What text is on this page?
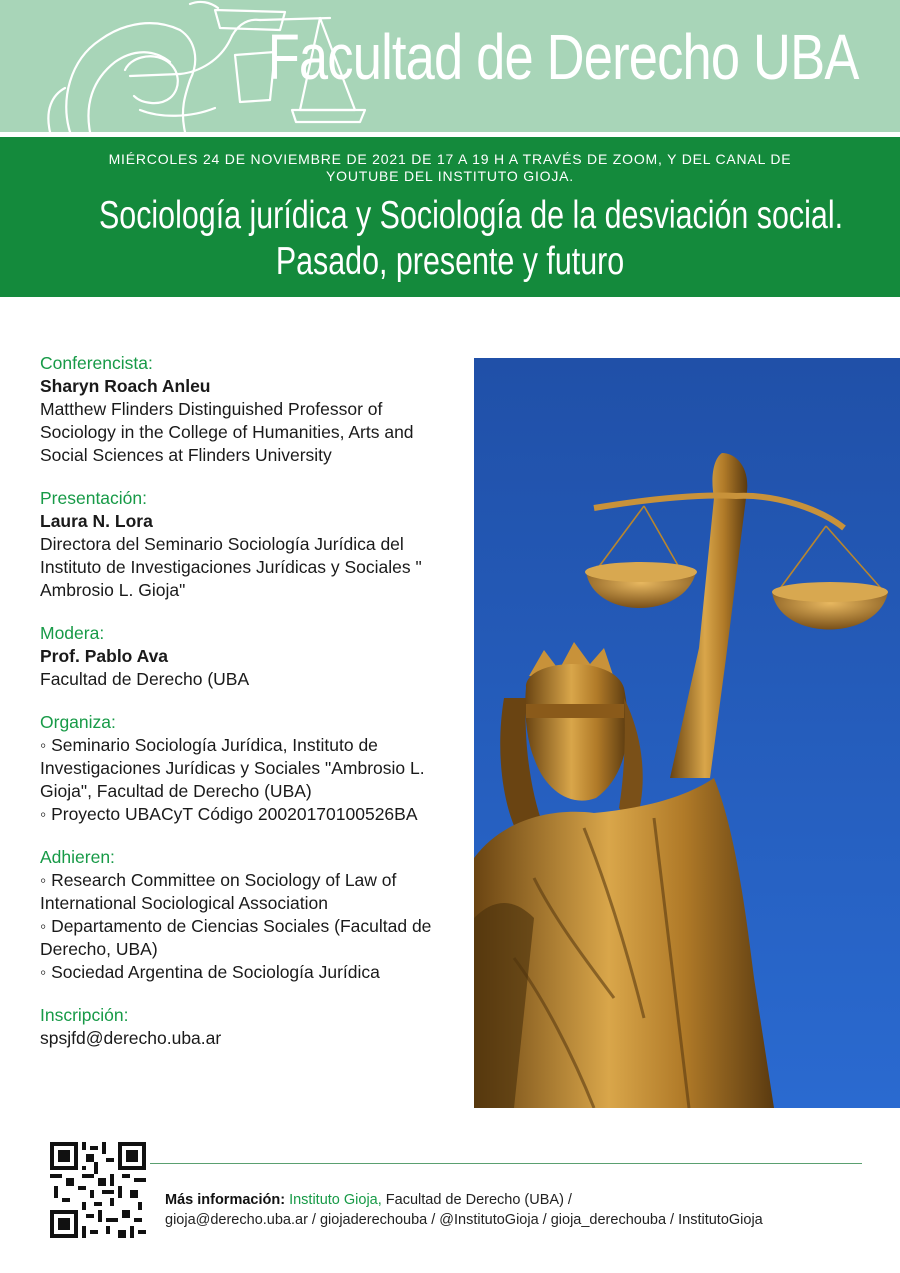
Facultad de Derecho UBA
MIÉRCOLES 24 DE NOVIEMBRE DE 2021 DE 17 A 19 H A TRAVÉS DE ZOOM, Y DEL CANAL DE YOUTUBE DEL INSTITUTO GIOJA.
Sociología jurídica y Sociología de la desviación social.
Pasado, presente y futuro
Conferencista:
Sharyn Roach Anleu
Matthew Flinders Distinguished Professor of Sociology in the College of Humanities, Arts and Social Sciences at Flinders University
Presentación:
Laura N. Lora
Directora del Seminario Sociología Jurídica del Instituto de Investigaciones Jurídicas y Sociales " Ambrosio L. Gioja"
Modera:
Prof. Pablo Ava
Facultad de Derecho (UBA
Organiza:
◦ Seminario Sociología Jurídica, Instituto de Investigaciones Jurídicas y Sociales "Ambrosio L. Gioja", Facultad de Derecho (UBA)
◦ Proyecto UBACyT Código 20020170100526BA
Adhieren:
◦ Research Committee on Sociology of Law of International Sociological Association
◦ Departamento de Ciencias Sociales (Facultad de Derecho, UBA)
◦ Sociedad Argentina de Sociología Jurídica
Inscripción:
spsjfd@derecho.uba.ar
Más información: Instituto Gioja, Facultad de Derecho (UBA) /
gioja@derecho.uba.ar / giojaderechouba / @InstitutoGioja / gioja_derechouba / InstitutoGioja
